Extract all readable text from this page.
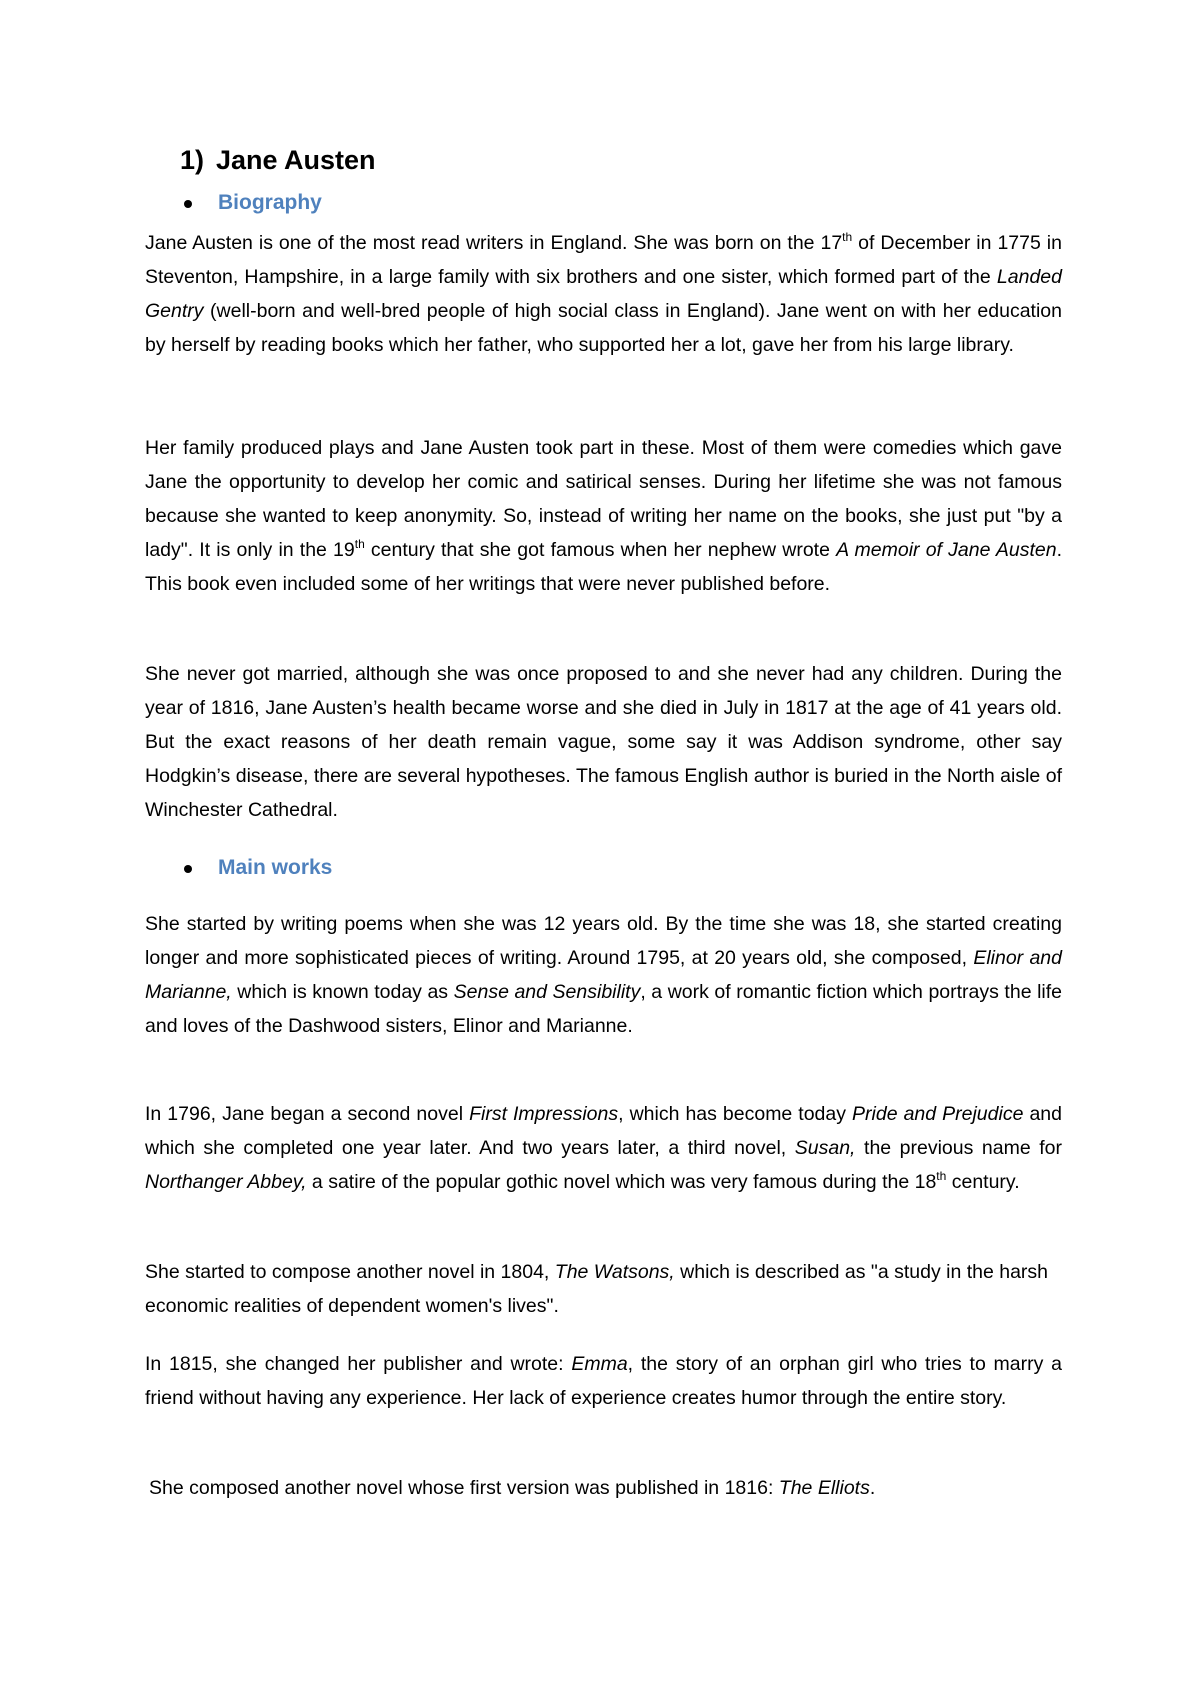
1) Jane Austen
Biography

Jane Austen is one of the most read writers in England. She was born on the 17th of December in 1775 in Steventon, Hampshire, in a large family with six brothers and one sister, which formed part of the Landed Gentry (well-born and well-bred people of high social class in England). Jane went on with her education by herself by reading books which her father, who supported her a lot, gave her from his large library.

Her family produced plays and Jane Austen took part in these. Most of them were comedies which gave Jane the opportunity to develop her comic and satirical senses. During her lifetime she was not famous because she wanted to keep anonymity. So, instead of writing her name on the books, she just put "by a lady". It is only in the 19th century that she got famous when her nephew wrote A memoir of Jane Austen. This book even included some of her writings that were never published before.

She never got married, although she was once proposed to and she never had any children. During the year of 1816, Jane Austen’s health became worse and she died in July in 1817 at the age of 41 years old. But the exact reasons of her death remain vague, some say it was Addison syndrome, other say Hodgkin’s disease, there are several hypotheses. The famous English author is buried in the North aisle of Winchester Cathedral.

Main works

She started by writing poems when she was 12 years old. By the time she was 18, she started creating longer and more sophisticated pieces of writing. Around 1795, at 20 years old, she composed, Elinor and Marianne, which is known today as Sense and Sensibility, a work of romantic fiction which portrays the life and loves of the Dashwood sisters, Elinor and Marianne.

In 1796, Jane began a second novel First Impressions, which has become today Pride and Prejudice and which she completed one year later. And two years later, a third novel, Susan, the previous name for Northanger Abbey, a satire of the popular gothic novel which was very famous during the 18th century.

She started to compose another novel in 1804, The Watsons, which is described as "a study in the harsh economic realities of dependent women's lives".

In 1815, she changed her publisher and wrote: Emma, the story of an orphan girl who tries to marry a friend without having any experience. Her lack of experience creates humor through the entire story.

She composed another novel whose first version was published in 1816: The Elliots.
